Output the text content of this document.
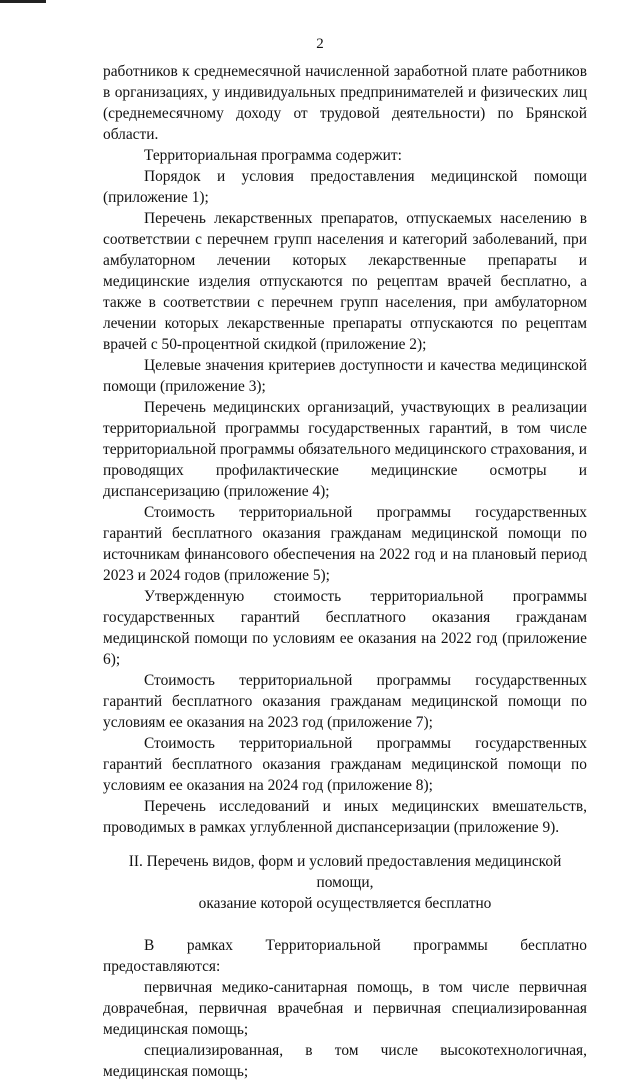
2

работников к среднемесячной начисленной заработной плате работников в организациях, у индивидуальных предпринимателей и физических лиц (среднемесячному доходу от трудовой деятельности) по Брянской области.

Территориальная программа содержит:

Порядок и условия предоставления медицинской помощи (приложение 1);

Перечень лекарственных препаратов, отпускаемых населению в соответствии с перечнем групп населения и категорий заболеваний, при амбулаторном лечении которых лекарственные препараты и медицинские изделия отпускаются по рецептам врачей бесплатно, а также в соответствии с перечнем групп населения, при амбулаторном лечении которых лекарственные препараты отпускаются по рецептам врачей с 50-процентной скидкой (приложение 2);

Целевые значения критериев доступности и качества медицинской помощи (приложение 3);

Перечень медицинских организаций, участвующих в реализации территориальной программы государственных гарантий, в том числе территориальной программы обязательного медицинского страхования, и проводящих профилактические медицинские осмотры и диспансеризацию (приложение 4);

Стоимость территориальной программы государственных гарантий бесплатного оказания гражданам медицинской помощи по источникам финансового обеспечения на 2022 год и на плановый период 2023 и 2024 годов (приложение 5);

Утвержденную стоимость территориальной программы государственных гарантий бесплатного оказания гражданам медицинской помощи по условиям ее оказания на 2022 год (приложение 6);

Стоимость территориальной программы государственных гарантий бесплатного оказания гражданам медицинской помощи по условиям ее оказания на 2023 год (приложение 7);

Стоимость территориальной программы государственных гарантий бесплатного оказания гражданам медицинской помощи по условиям ее оказания на 2024 год (приложение 8);

Перечень исследований и иных медицинских вмешательств, проводимых в рамках углубленной диспансеризации (приложение 9).

II. Перечень видов, форм и условий предоставления медицинской помощи,
оказание которой осуществляется бесплатно

В рамках Территориальной программы бесплатно предоставляются:

первичная медико-санитарная помощь, в том числе первичная доврачебная, первичная врачебная и первичная специализированная медицинская помощь;

специализированная, в том числе высокотехнологичная, медицинская помощь;
